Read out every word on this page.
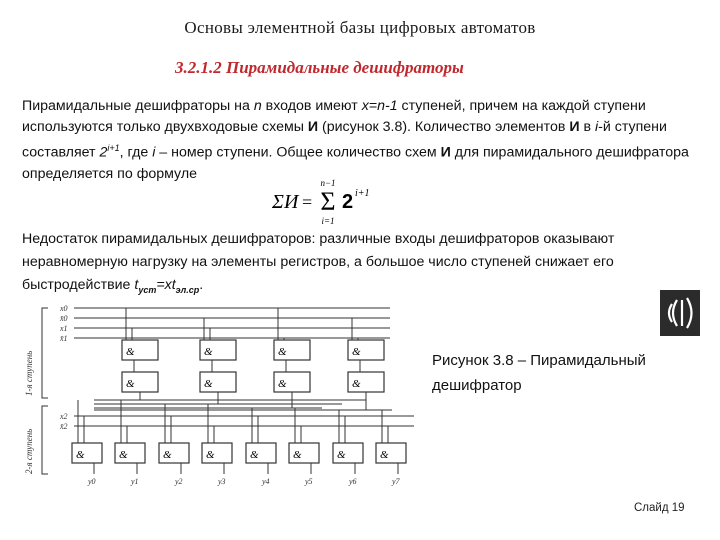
Основы элементной базы цифровых автоматов
3.2.1.2 Пирамидальные дешифраторы
Пирамидальные дешифраторы на n входов имеют x=n-1 ступеней, причем на каждой ступени используются только двухвходовые схемы И (рисунок 3.8). Количество элементов И в i-й ступени составляет $2^{i+1}$, где i – номер ступени. Общее количество схем И для пирамидального дешифратора определяется по формуле
n−1
Σ И = Σ
i=1
2 i+1
Недостаток пирамидальных дешифраторов: различные входы дешифраторов оказывают неравномерную нагрузку на элементы регистров, а большое число ступеней снижает его быстродействие $t_{уст}=xt_{эл.ср}$.
Рисунок 3.8 – Пирамидальный дешифратор
Слайд 19
&	&	&	&
&	&	&	&
&	&	&	&	&	&	&	&
1-я ступень
2-я ступень
x0
x̄0
x1
x̄1
x2
x̄2
y0	y1	y2	y3	y4	y5	y6	y7
